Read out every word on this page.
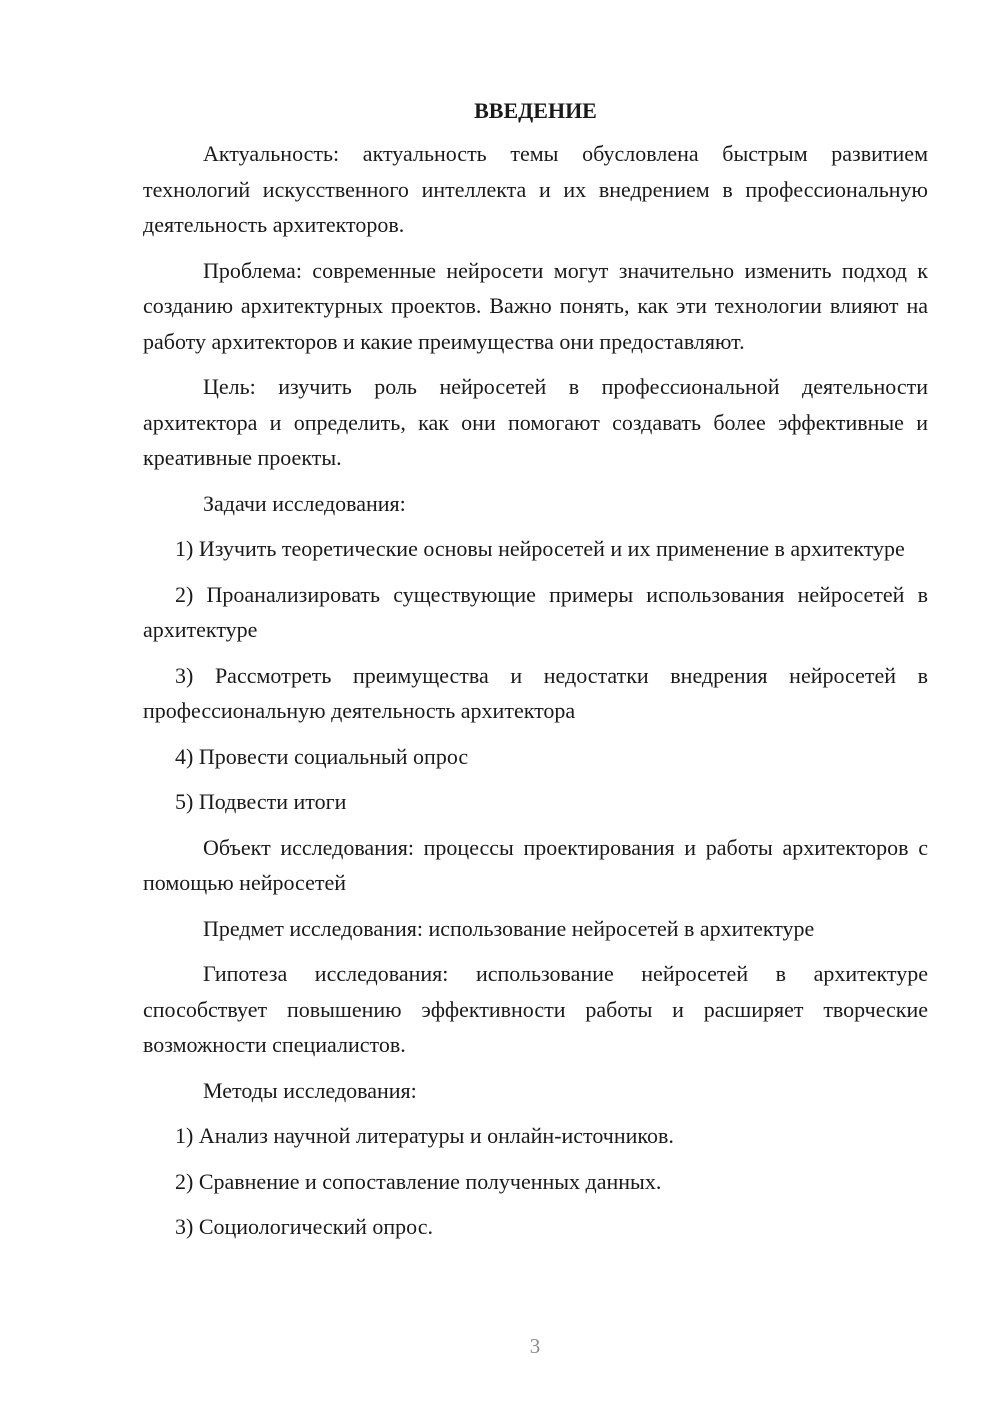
ВВЕДЕНИЕ
Актуальность: актуальность темы обусловлена быстрым развитием технологий искусственного интеллекта и их внедрением в профессиональную деятельность архитекторов.
Проблема: современные нейросети могут значительно изменить подход к созданию архитектурных проектов. Важно понять, как эти технологии влияют на работу архитекторов и какие преимущества они предоставляют.
Цель: изучить роль нейросетей в профессиональной деятельности архитектора и определить, как они помогают создавать более эффективные и креативные проекты.
Задачи исследования:
1) Изучить теоретические основы нейросетей и их применение в архитектуре
2) Проанализировать существующие примеры использования нейросетей в архитектуре
3) Рассмотреть преимущества и недостатки внедрения нейросетей в профессиональную деятельность архитектора
4) Провести социальный опрос
5) Подвести итоги
Объект исследования: процессы проектирования и работы архитекторов с помощью нейросетей
Предмет исследования: использование нейросетей в архитектуре
Гипотеза исследования: использование нейросетей в архитектуре способствует повышению эффективности работы и расширяет творческие возможности специалистов.
Методы исследования:
1) Анализ научной литературы и онлайн-источников.
2) Сравнение и сопоставление полученных данных.
3) Социологический опрос.
3
